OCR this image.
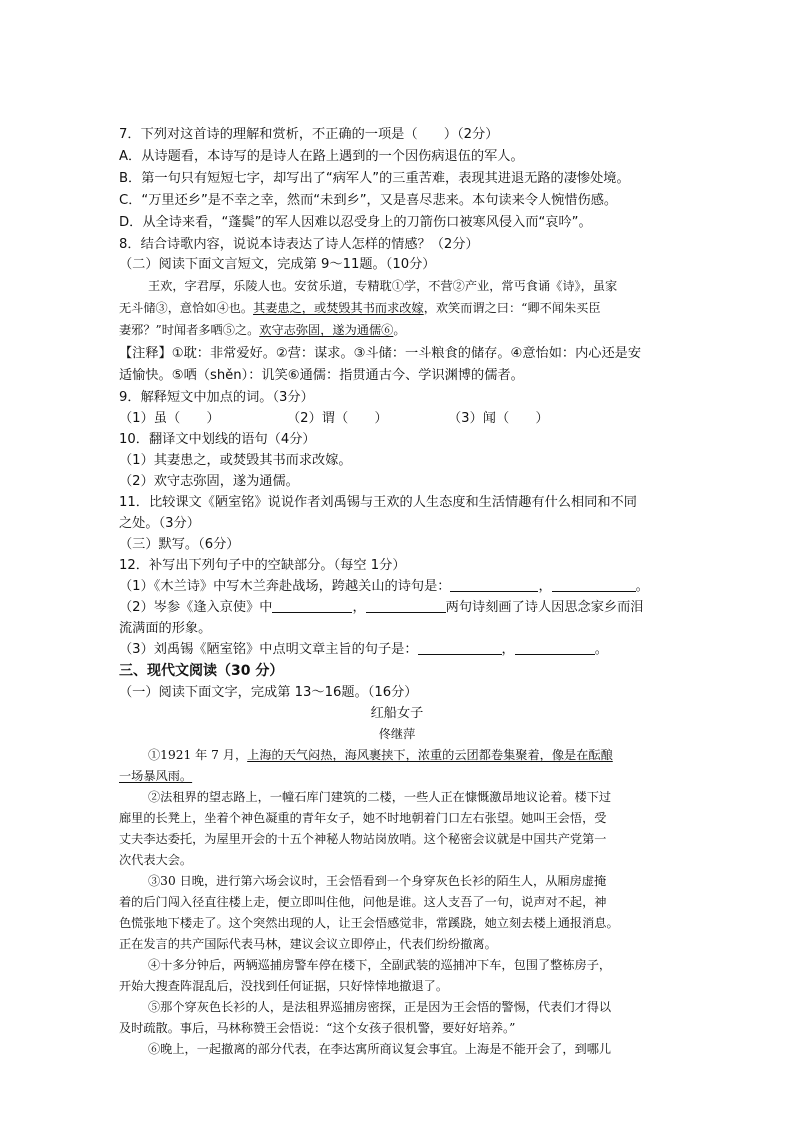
7．下列对这首诗的理解和赏析，不正确的一项是（　　）（2分）
A．从诗题看，本诗写的是诗人在路上遇到的一个因伤病退伍的军人。
B．第一句只有短短七字，却写出了“病军人”的三重苦难，表现其进退无路的凄惨处境。
C．“万里还乡”是不幸之幸，然而“未到乡”，又是喜尽悲来。本句读来令人惋惜伤感。
D．从全诗来看，“蓬鬓”的军人因难以忍受身上的刀箭伤口被寒风侵入而“哀吟”。
8．结合诗歌内容，说说本诗表达了诗人怎样的情感？（2分）
（二）阅读下面文言短文，完成第 9～11题。（10分）
王欢，字君厚，乐陵人也。安贫乐道，专精耽①学，不营②产业，常丐食诵《诗》，虽家
无斗储③，意恰如④也。其妻患之，或焚毁其书而求改嫁，欢笑而谓之曰：“卿不闻朱买臣
妻邪？”时闻者多哂⑤之。欢守志弥固，遂为通儒⑥。
【注释】①耽：非常爱好。②营：谋求。③斗储：一斗粮食的储存。④意怡如：内心还是安
适愉快。⑤哂（shěn）：讥笑⑥通儒：指贯通古今、学识渊博的儒者。
9．解释短文中加点的词。（3分）
（1）虽（　　）	（2）谓（　　）	（3）闻（　　）
10．翻译文中划线的语句（4分）
（1）其妻患之，或焚毁其书而求改嫁。
（2）欢守志弥固，遂为通儒。
11．比较课文《陋室铭》说说作者刘禹锡与王欢的人生态度和生活情趣有什么相同和不同
之处。（3分）
（三）默写。（6分）
12．补写出下列句子中的空缺部分。（每空 1分）
（1）《木兰诗》中写木兰奔赴战场，跨越关山的诗句是：	，	。
（2）岑参《逢入京使》中	，	两句诗刻画了诗人因思念家乡而泪
流满面的形象。
（3）刘禹锡《陋室铭》中点明文章主旨的句子是：	，	。
三、现代文阅读（30 分）
（一）阅读下面文字，完成第 13～16题。（16分）
红船女子
佟继萍
①1921 年 7 月，上海的天气闷热，海风裹挟下，浓重的云团都卷集聚着，像是在酝酿
一场暴风雨。
②法租界的望志路上，一幢石库门建筑的二楼，一些人正在慷慨激昂地议论着。楼下过
廊里的长凳上，坐着个神色凝重的青年女子，她不时地朝着门口左右张望。她叫王会悟，受
丈夫李达委托，为屋里开会的十五个神秘人物站岗放哨。这个秘密会议就是中国共产党第一
次代表大会。
③30 日晚，进行第六场会议时，王会悟看到一个身穿灰色长衫的陌生人，从厢房虚掩
着的后门闯入径直往楼上走，便立即叫住他，问他是谁。这人支吾了一句，说声对不起，神
色慌张地下楼走了。这个突然出现的人，让王会悟感觉非，常蹊跷，她立刻去楼上通报消息。
正在发言的共产国际代表马林，建议会议立即停止，代表们纷纷撤离。
④十多分钟后，两辆巡捕房警车停在楼下，全副武装的巡捕冲下车，包围了整栋房子，
开始大搜查阵混乱后，没找到任何证据，只好悻悻地撤退了。
⑤那个穿灰色长衫的人，是法租界巡捕房密探，正是因为王会悟的警惕，代表们才得以
及时疏散。事后，马林称赞王会悟说：“这个女孩子很机警，要好好培养。”
⑥晚上，一起撤离的部分代表，在李达寓所商议复会事宜。上海是不能开会了，到哪儿
